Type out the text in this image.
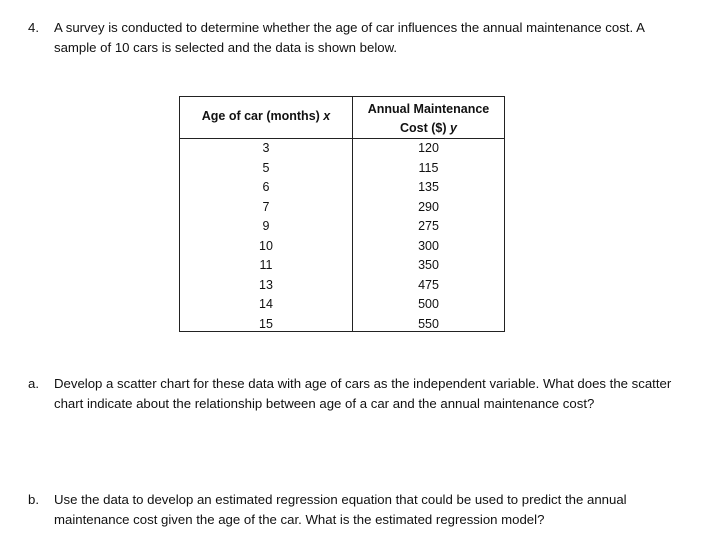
4. A survey is conducted to determine whether the age of car influences the annual maintenance cost. A sample of 10 cars is selected and the data is shown below.
Age of car (months) x	Annual Maintenance
Cost ($) y
3	120
5	115
6	135
7	290
9	275
10	300
11	350
13	475
14	500
15	550
a. Develop a scatter chart for these data with age of cars as the independent variable. What does the scatter chart indicate about the relationship between age of a car and the annual maintenance cost?
b. Use the data to develop an estimated regression equation that could be used to predict the annual maintenance cost given the age of the car. What is the estimated regression model?
